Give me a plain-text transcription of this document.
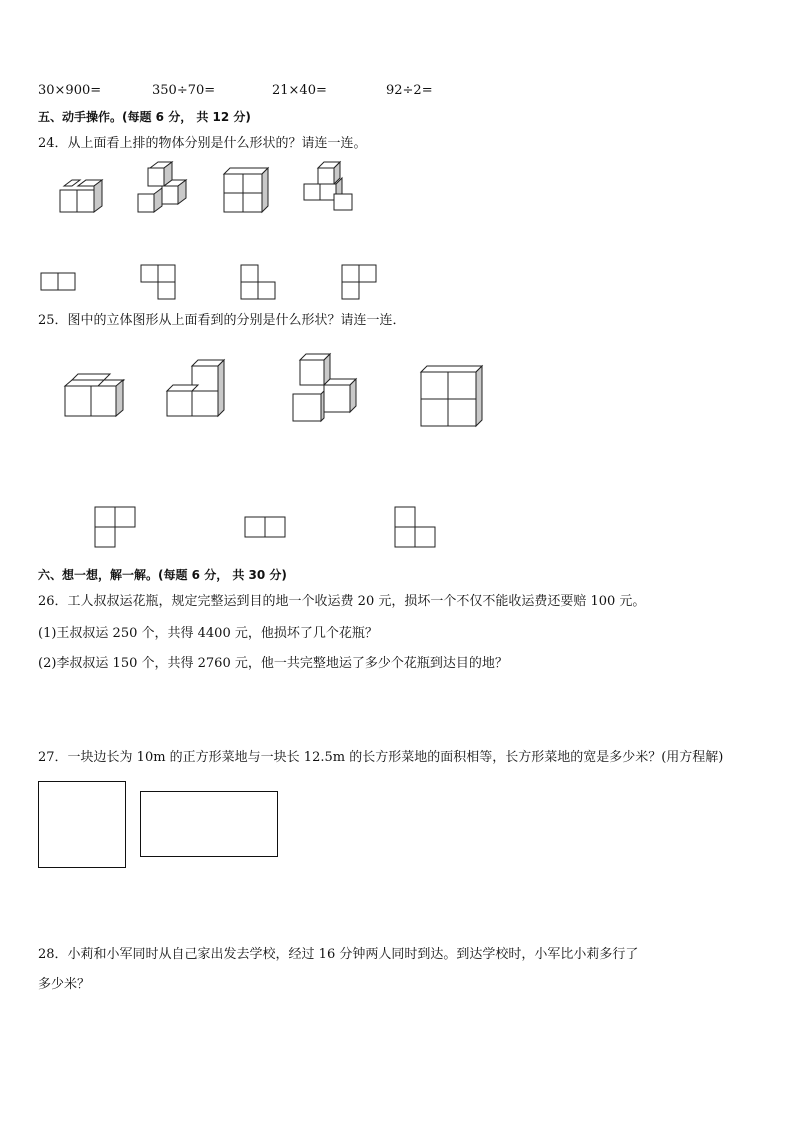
30×900=	350÷70=	21×40=	92÷2=
五、动手操作。(每题 6 分， 共 12 分)
24．从上面看上排的物体分别是什么形状的？请连一连。
25．图中的立体图形从上面看到的分别是什么形状？请连一连．
六、想一想，解一解。(每题 6 分， 共 30 分)
26．工人叔叔运花瓶，规定完整运到目的地一个收运费 20 元，损坏一个不仅不能收运费还要赔 100 元。
(1)王叔叔运 250 个，共得 4400 元，他损坏了几个花瓶？
(2)李叔叔运 150 个，共得 2760 元，他一共完整地运了多少个花瓶到达目的地？
27．一块边长为 10m 的正方形菜地与一块长 12.5m 的长方形菜地的面积相等，长方形菜地的宽是多少米？(用方程解)
28．小莉和小军同时从自己家出发去学校，经过 16 分钟两人同时到达。到达学校时，小军比小莉多行了
多少米？
